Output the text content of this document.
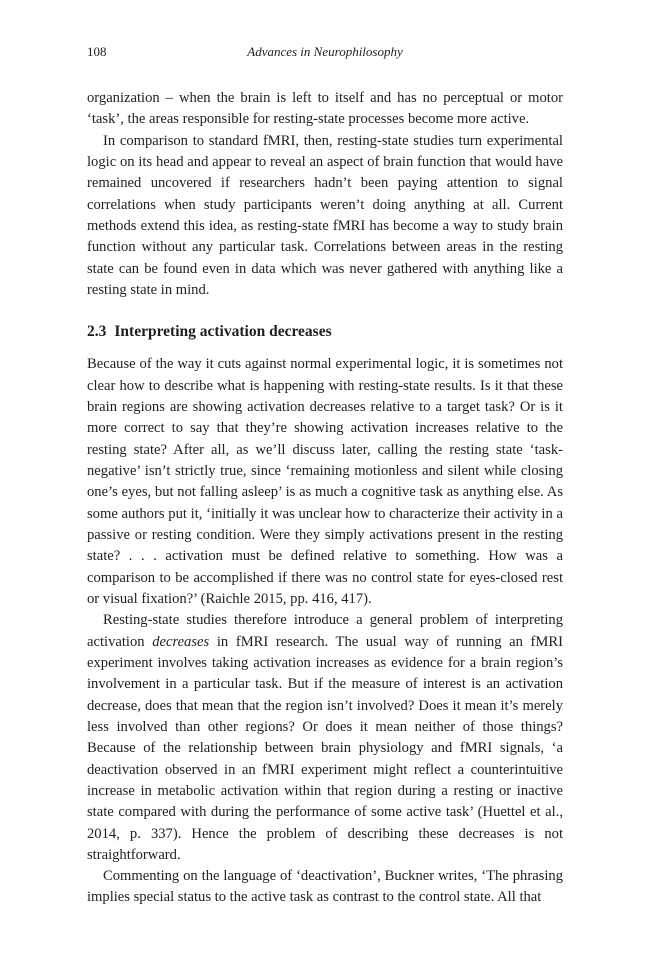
108	Advances in Neurophilosophy

organization – when the brain is left to itself and has no perceptual or motor ‘task’, the areas responsible for resting-state processes become more active.

In comparison to standard fMRI, then, resting-state studies turn experimental logic on its head and appear to reveal an aspect of brain function that would have remained uncovered if researchers hadn’t been paying attention to signal correlations when study participants weren’t doing anything at all. Current methods extend this idea, as resting-state fMRI has become a way to study brain function without any particular task. Correlations between areas in the resting state can be found even in data which was never gathered with anything like a resting state in mind.

2.3 Interpreting activation decreases

Because of the way it cuts against normal experimental logic, it is sometimes not clear how to describe what is happening with resting-state results. Is it that these brain regions are showing activation decreases relative to a target task? Or is it more correct to say that they’re showing activation increases relative to the resting state? After all, as we’ll discuss later, calling the resting state ‘task-negative’ isn’t strictly true, since ‘remaining motionless and silent while closing one’s eyes, but not falling asleep’ is as much a cognitive task as anything else. As some authors put it, ‘initially it was unclear how to characterize their activity in a passive or resting condition. Were they simply activations present in the resting state? . . . activation must be defined relative to something. How was a comparison to be accomplished if there was no control state for eyes-closed rest or visual fixation?’ (Raichle 2015, pp. 416, 417).

Resting-state studies therefore introduce a general problem of interpreting activation decreases in fMRI research. The usual way of running an fMRI experiment involves taking activation increases as evidence for a brain region’s involvement in a particular task. But if the measure of interest is an activation decrease, does that mean that the region isn’t involved? Does it mean it’s merely less involved than other regions? Or does it mean neither of those things? Because of the relationship between brain physiology and fMRI signals, ‘a deactivation observed in an fMRI experiment might reflect a counterintuitive increase in metabolic activation within that region during a resting or inactive state compared with during the performance of some active task’ (Huettel et al., 2014, p. 337). Hence the problem of describing these decreases is not straightforward.

Commenting on the language of ‘deactivation’, Buckner writes, ‘The phrasing implies special status to the active task as contrast to the control state. All that
